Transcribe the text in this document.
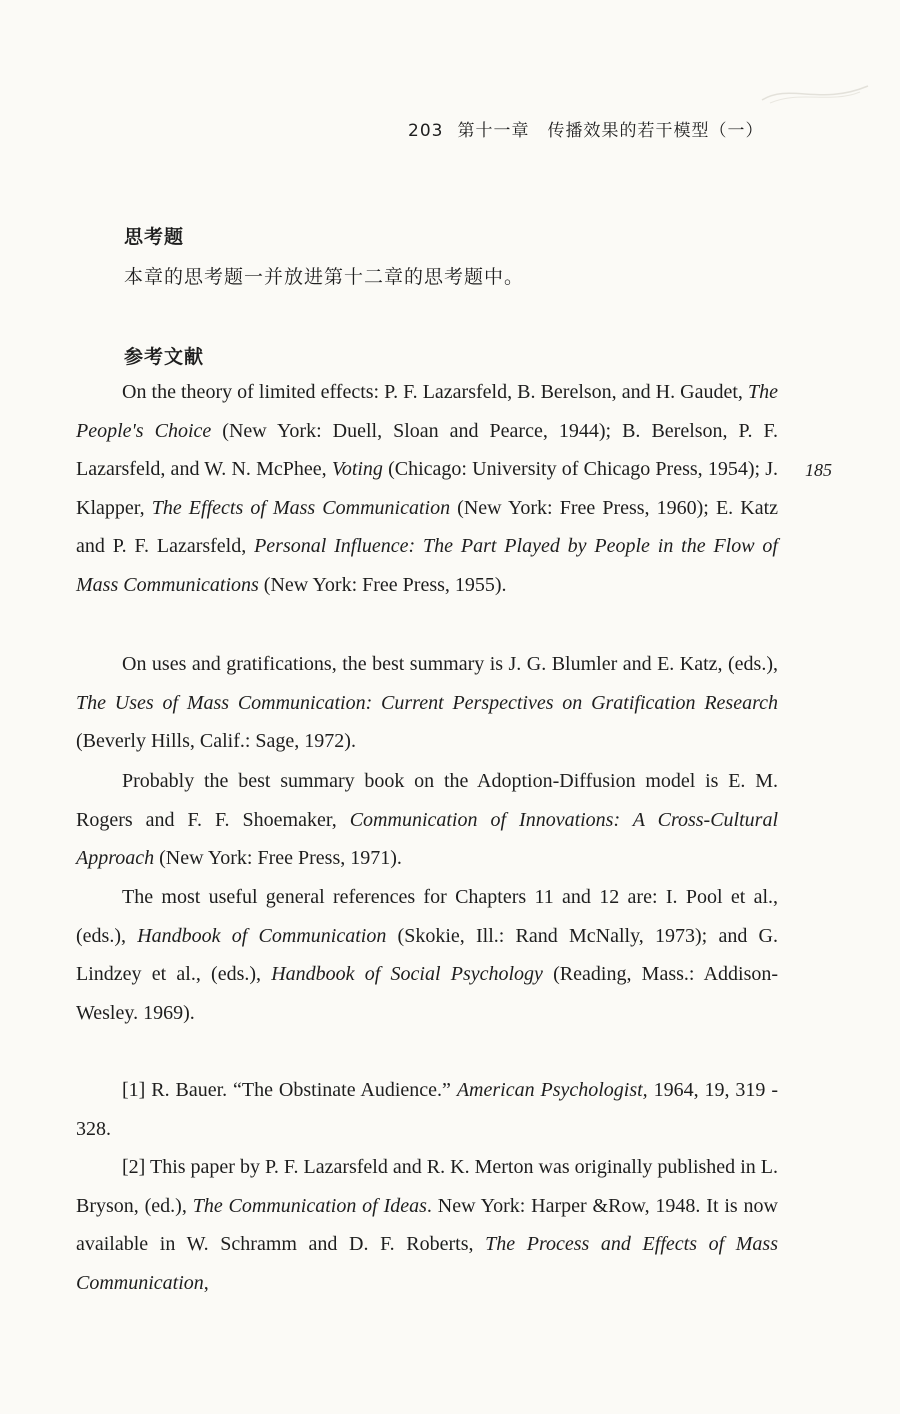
203 第十一章 传播效果的若干模型（一）
185
思考题
本章的思考题一并放进第十二章的思考题中。
参考文献

On the theory of limited effects: P. F. Lazarsfeld, B. Berelson, and H. Gaudet, The People's Choice (New York: Duell, Sloan and Pearce, 1944); B. Berelson, P. F. Lazarsfeld, and W. N. McPhee, Voting (Chicago: University of Chicago Press, 1954); J. Klapper, The Effects of Mass Communication (New York: Free Press, 1960); E. Katz and P. F. Lazarsfeld, Personal Influence: The Part Played by People in the Flow of Mass Communications (New York: Free Press, 1955).

On uses and gratifications, the best summary is J. G. Blumler and E. Katz, (eds.), The Uses of Mass Communication: Current Perspectives on Gratification Research (Beverly Hills, Calif.: Sage, 1972).

Probably the best summary book on the Adoption-Diffusion model is E. M. Rogers and F. F. Shoemaker, Communication of Innovations: A Cross-Cultural Approach (New York: Free Press, 1971).

The most useful general references for Chapters 11 and 12 are: I. Pool et al., (eds.), Handbook of Communication (Skokie, Ill.: Rand McNally, 1973); and G. Lindzey et al., (eds.), Handbook of Social Psychology (Reading, Mass.: Addison-Wesley. 1969).

[1] R. Bauer. “The Obstinate Audience.” American Psychologist, 1964, 19, 319 - 328.

[2] This paper by P. F. Lazarsfeld and R. K. Merton was originally published in L. Bryson, (ed.), The Communication of Ideas. New York: Harper &Row, 1948. It is now available in W. Schramm and D. F. Roberts, The Process and Effects of Mass Communication,
